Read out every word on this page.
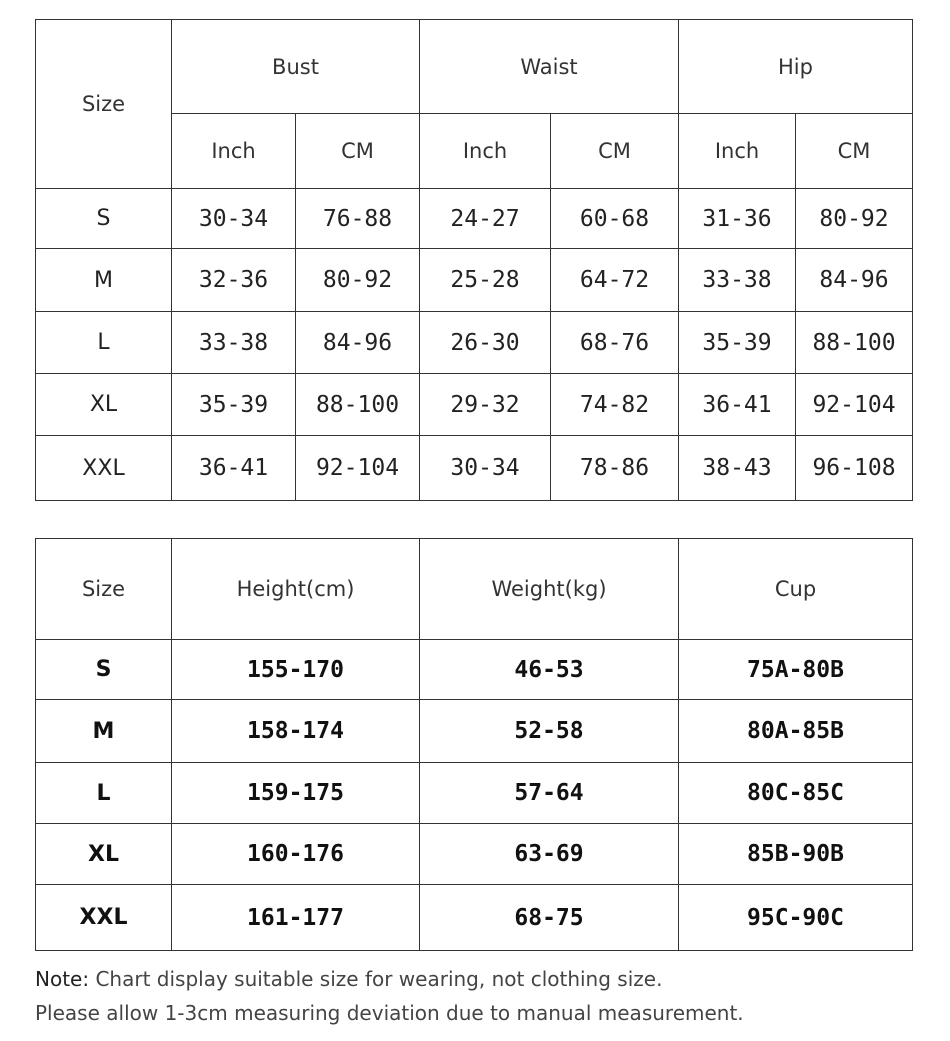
Size	Bust		Waist		Hip	
	Inch	CM	Inch	CM	Inch	CM
S	30-34	76-88	24-27	60-68	31-36	80-92
M	32-36	80-92	25-28	64-72	33-38	84-96
L	33-38	84-96	26-30	68-76	35-39	88-100
XL	35-39	88-100	29-32	74-82	36-41	92-104
XXL	36-41	92-104	30-34	78-86	38-43	96-108
Size	Height(cm)	Weight(kg)	Cup
S	155-170	46-53	75A-80B
M	158-174	52-58	80A-85B
L	159-175	57-64	80C-85C
XL	160-176	63-69	85B-90B
XXL	161-177	68-75	95C-90C
Note: Chart display suitable size for wearing, not clothing size.
Please allow 1-3cm measuring deviation due to manual measurement.
